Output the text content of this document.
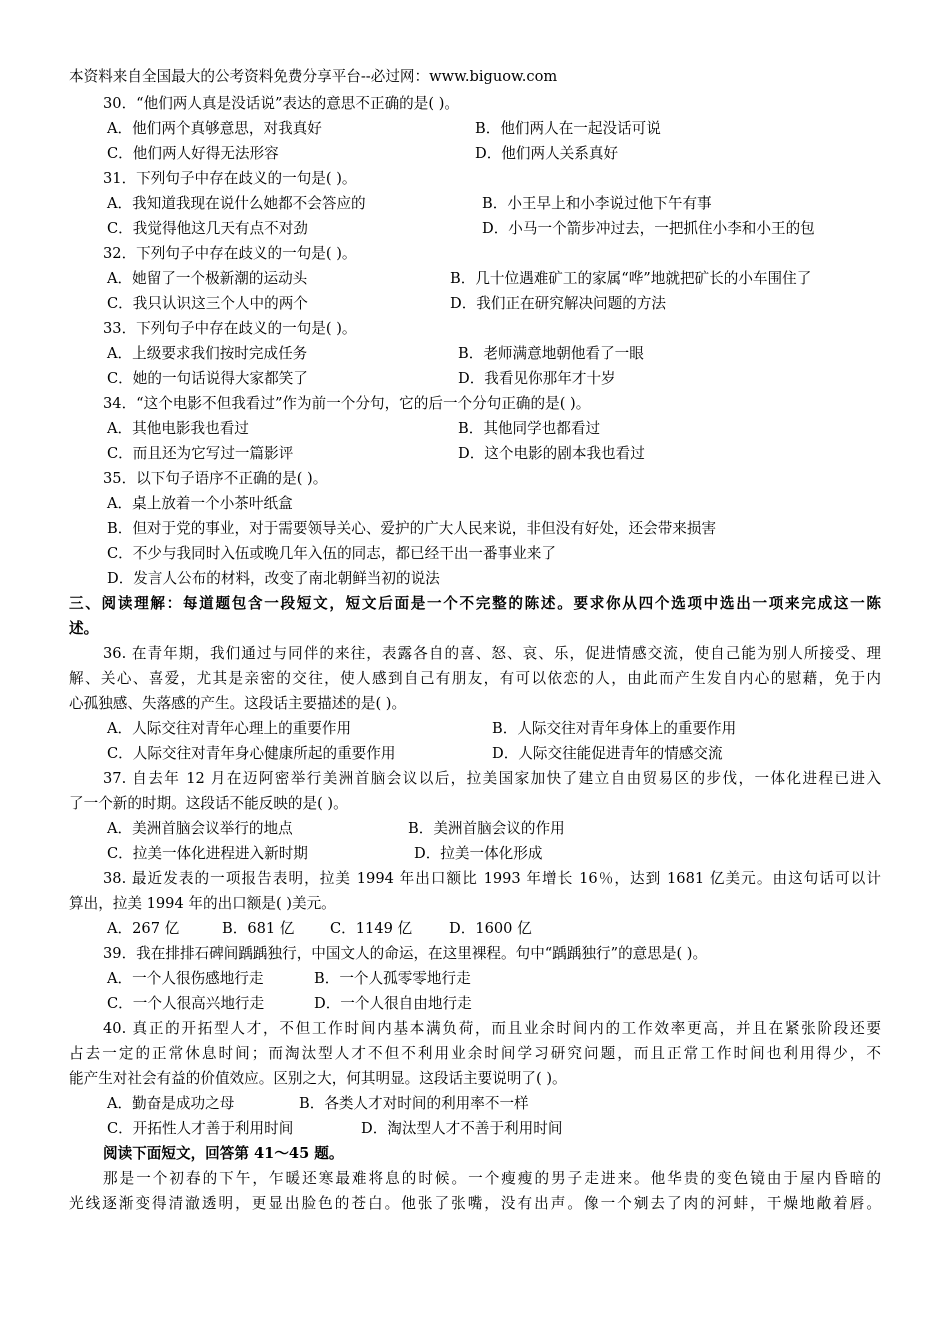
本资料来自全国最大的公考资料免费分享平台--必过网：www.biguow.com
30．“他们两人真是没话说”表达的意思不正确的是( )。
A．他们两个真够意思，对我真好	B．他们两人在一起没话可说
C．他们两人好得无法形容	D．他们两人关系真好
31．下列句子中存在歧义的一句是( )。
A．我知道我现在说什么她都不会答应的	B．小王早上和小李说过他下午有事
C．我觉得他这几天有点不对劲	D．小马一个箭步冲过去，一把抓住小李和小王的包
32．下列句子中存在歧义的一句是( )。
A．她留了一个极新潮的运动头	B．几十位遇难矿工的家属“哗”地就把矿长的小车围住了
C．我只认识这三个人中的两个	D．我们正在研究解决问题的方法
33．下列句子中存在歧义的一句是( )。
A．上级要求我们按时完成任务	B．老师满意地朝他看了一眼
C．她的一句话说得大家都笑了	D．我看见你那年才十岁
34．“这个电影不但我看过”作为前一个分句，它的后一个分句正确的是( )。
A．其他电影我也看过	B．其他同学也都看过
C．而且还为它写过一篇影评	D．这个电影的剧本我也看过
35．以下句子语序不正确的是( )。
A．桌上放着一个小茶叶纸盒
B．但对于党的事业，对于需要领导关心、爱护的广大人民来说，非但没有好处，还会带来损害
C．不少与我同时入伍或晚几年入伍的同志，都已经干出一番事业来了
D．发言人公布的材料，改变了南北朝鲜当初的说法
三、阅读理解：每道题包含一段短文，短文后面是一个不完整的陈述。要求你从四个选项中选出一项来完成这一陈
述。
36. 在青年期，我们通过与同伴的来往，表露各自的喜、怒、哀、乐，促进情感交流，使自己能为别人所接受、理
解、关心、喜爱，尤其是亲密的交往，使人感到自己有朋友，有可以依恋的人，由此而产生发自内心的慰藉，免于内
心孤独感、失落感的产生。这段话主要描述的是( )。
A．人际交往对青年心理上的重要作用	B．人际交往对青年身体上的重要作用
C．人际交往对青年身心健康所起的重要作用	D．人际交往能促进青年的情感交流
37. 自去年 12 月在迈阿密举行美洲首脑会议以后，拉美国家加快了建立自由贸易区的步伐，一体化进程已进入
了一个新的时期。这段话不能反映的是( )。
A．美洲首脑会议举行的地点	B．美洲首脑会议的作用
C．拉美一体化进程进入新时期	D．拉美一体化形成
38. 最近发表的一项报告表明，拉美 1994 年出口额比 1993 年增长 16％，达到 1681 亿美元。由这句话可以计
算出，拉美 1994 年的出口额是( )美元。
A．267 亿	B．681 亿 C．1149 亿	D．1600 亿
39．我在排排石碑间踽踽独行，中国文人的命运，在这里裸程。句中“踽踽独行”的意思是( )。
A．一个人很伤感地行走	B．一个人孤零零地行走
C．一个人很高兴地行走	D．一个人很自由地行走
40. 真正的开拓型人才，不但工作时间内基本满负荷，而且业余时间内的工作效率更高，并且在紧张阶段还要
占去一定的正常休息时间；而淘汰型人才不但不利用业余时间学习研究问题，而且正常工作时间也利用得少，不
能产生对社会有益的价值效应。区别之大，何其明显。这段话主要说明了( )。
A．勤奋是成功之母	B．各类人才对时间的利用率不一样
C．开拓性人才善于利用时间	D．淘汰型人才不善于利用时间
阅读下面短文，回答第 41～45 题。
那是一个初春的下午，乍暖还寒最难将息的时候。一个瘦瘦的男子走进来。他华贵的变色镜由于屋内昏暗的
光线逐渐变得清澈透明，更显出脸色的苍白。他张了张嘴，没有出声。像一个剜去了肉的河蚌，干燥地敞着唇。
